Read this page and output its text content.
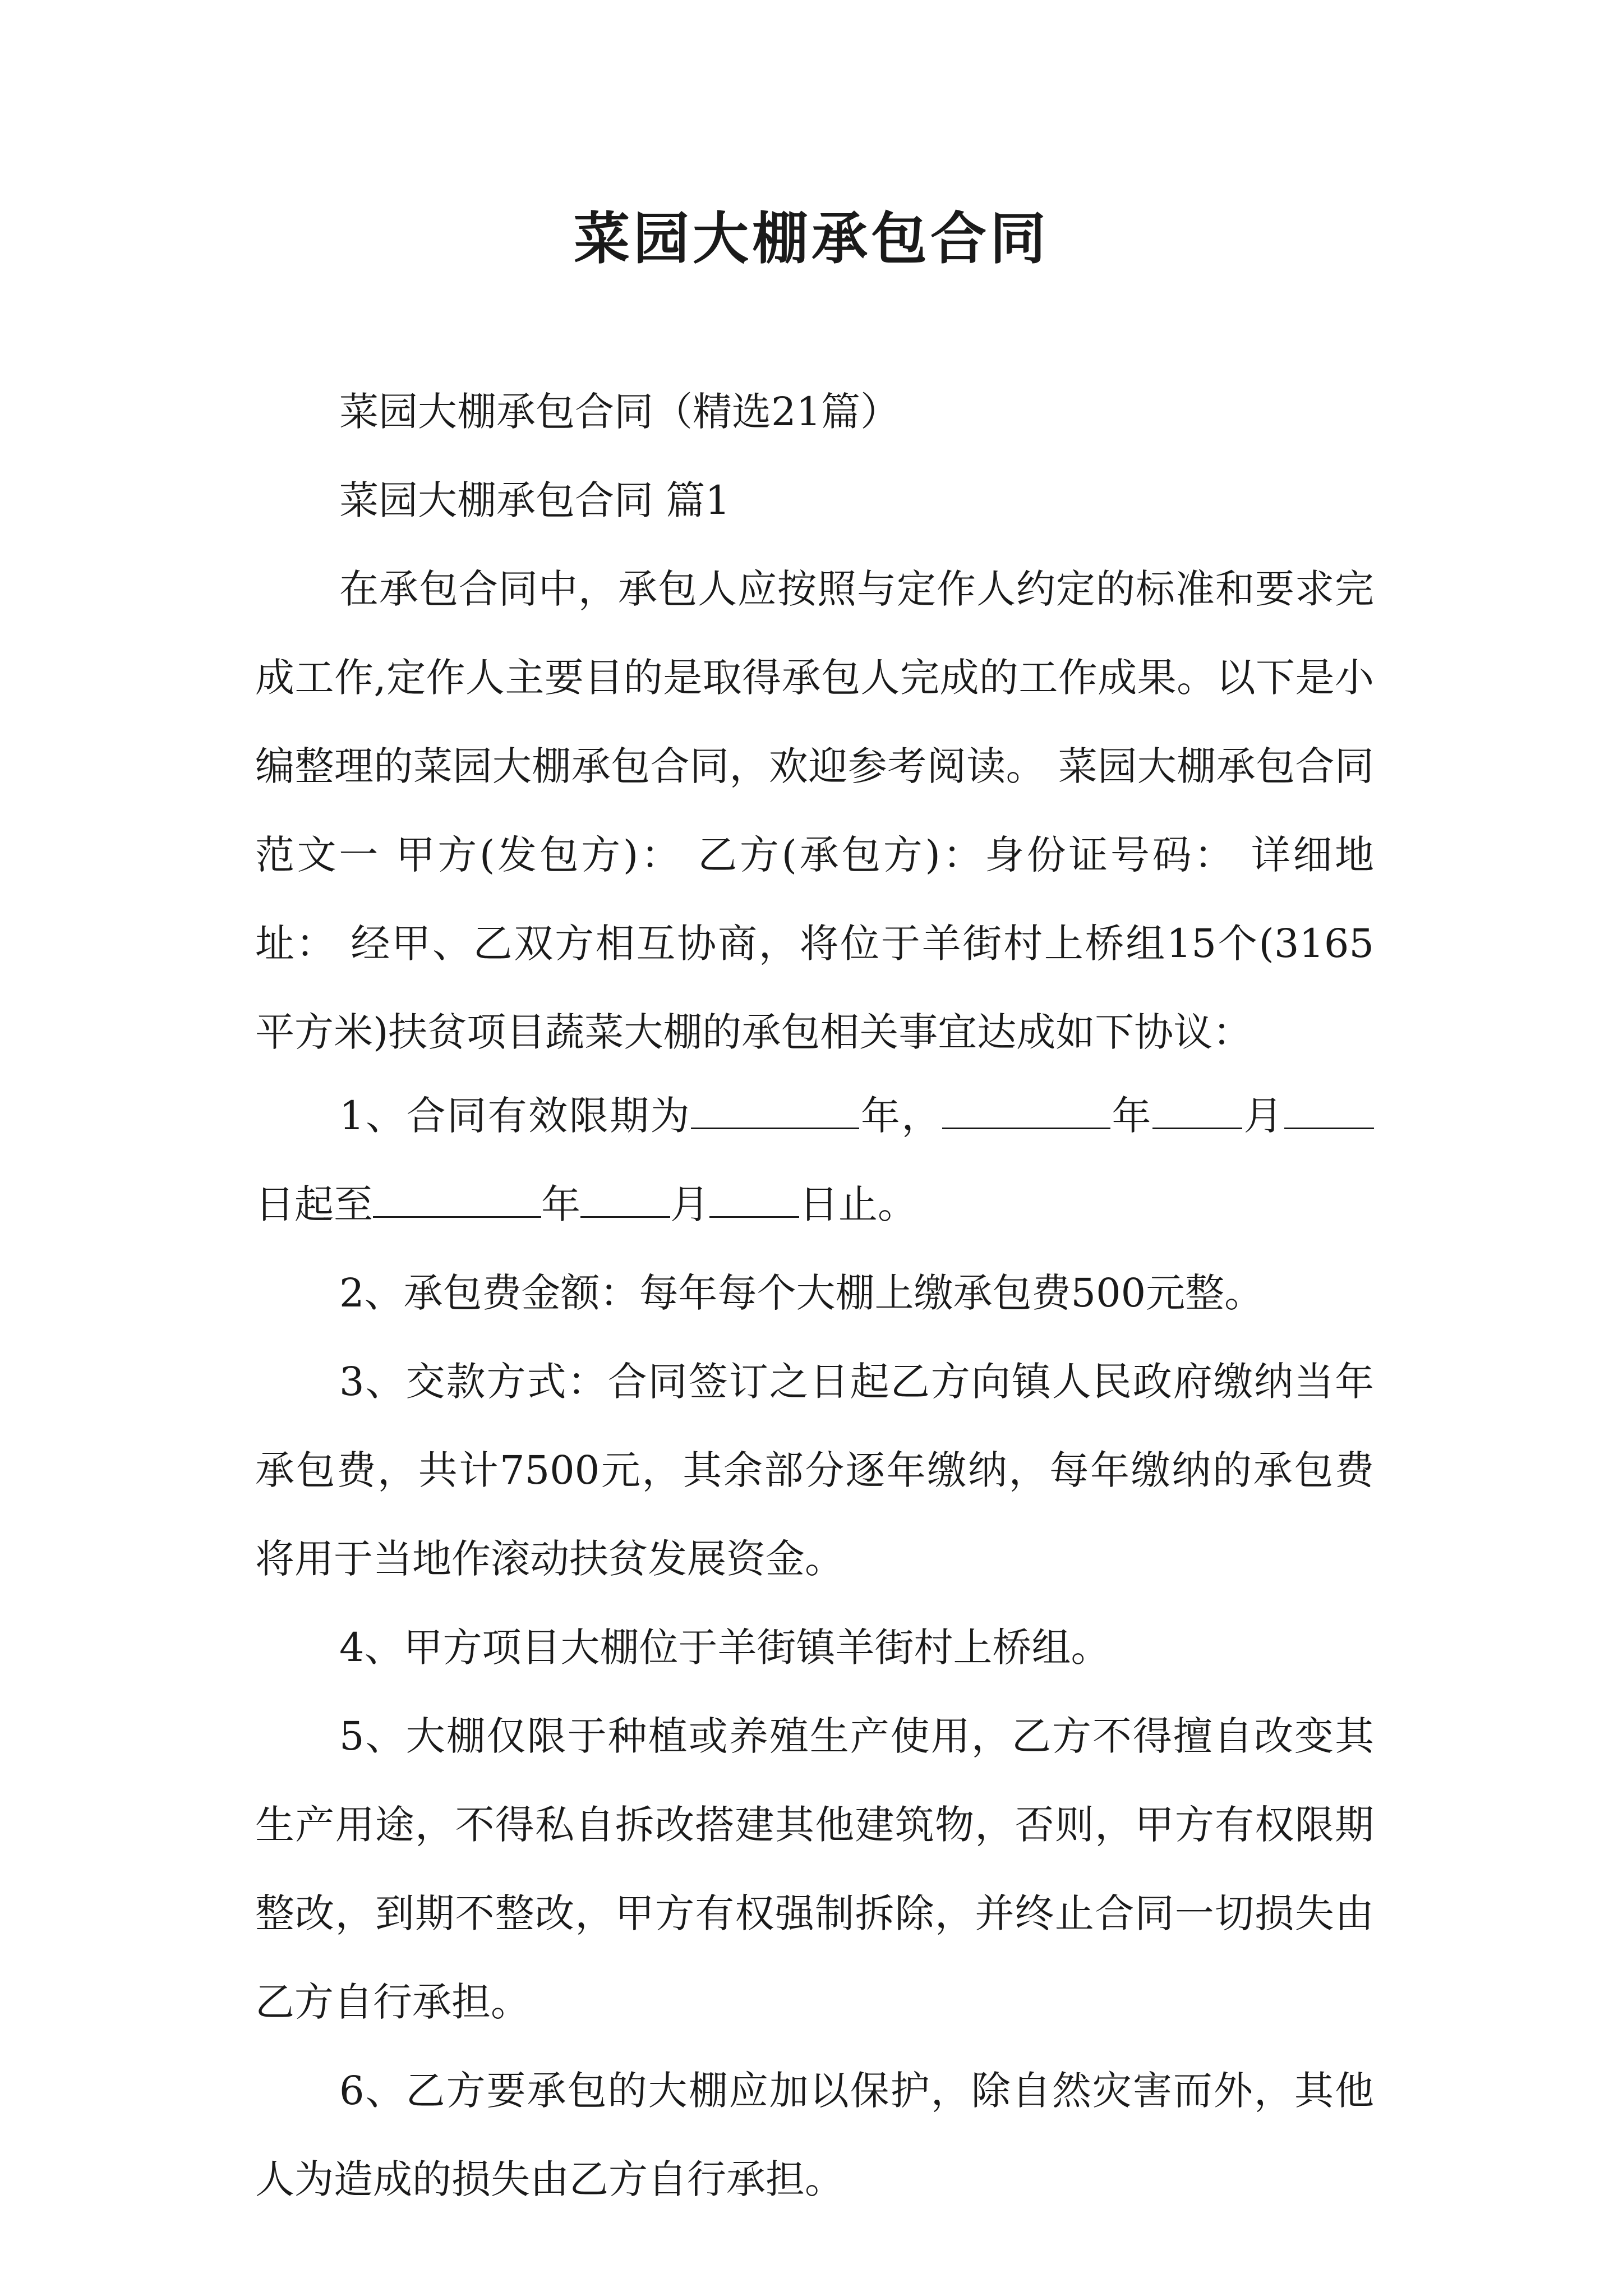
菜园大棚承包合同

菜园大棚承包合同（精选21篇）

菜园大棚承包合同 篇1

在承包合同中，承包人应按照与定作人约定的标准和要求完成工作,定作人主要目的是取得承包人完成的工作成果。以下是小编整理的菜园大棚承包合同，欢迎参考阅读。 菜园大棚承包合同范文一 甲方(发包方)： 乙方(承包方)：身份证号码： 详细地址： 经甲、乙双方相互协商，将位于羊街村上桥组15个(3165平方米)扶贫项目蔬菜大棚的承包相关事宜达成如下协议：

1、合同有效限期为	年，	年 月日起至	年 月 日止。

2、承包费金额：每年每个大棚上缴承包费500元整。

3、交款方式：合同签订之日起乙方向镇人民政府缴纳当年承包费，共计7500元，其余部分逐年缴纳，每年缴纳的承包费将用于当地作滚动扶贫发展资金。

4、甲方项目大棚位于羊街镇羊街村上桥组。

5、大棚仅限于种植或养殖生产使用，乙方不得擅自改变其生产用途，不得私自拆改搭建其他建筑物，否则，甲方有权限期整改，到期不整改，甲方有权强制拆除，并终止合同一切损失由乙方自行承担。

6、乙方要承包的大棚应加以保护，除自然灾害而外，其他人为造成的损失由乙方自行承担。
